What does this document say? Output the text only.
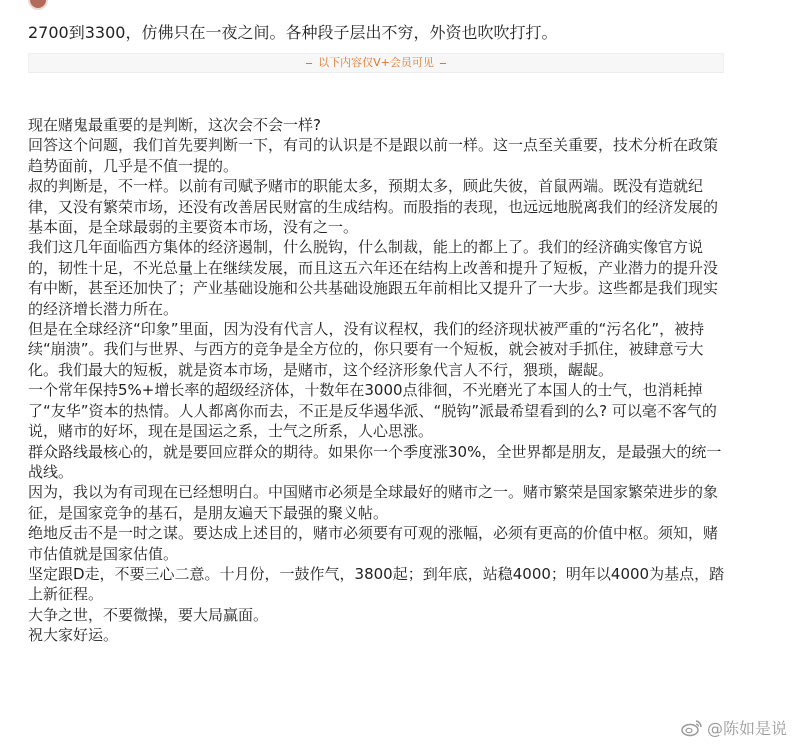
2700到3300，仿佛只在一夜之间。各种段子层出不穷，外资也吹吹打打。
以下内容仅V+会员可见

现在赌鬼最重要的是判断，这次会不会一样?

回答这个问题，我们首先要判断一下，有司的认识是不是跟以前一样。这一点至关重要，技术分析在政策趋势面前，几乎是不值一提的。

叔的判断是，不一样。以前有司赋予赌市的职能太多，预期太多，顾此失彼，首鼠两端。既没有造就纪律，又没有繁荣市场，还没有改善居民财富的生成结构。而股指的表现，也远远地脱离我们的经济发展的基本面，是全球最弱的主要资本市场，没有之一。

我们这几年面临西方集体的经济遏制，什么脱钩，什么制裁，能上的都上了。我们的经济确实像官方说的，韧性十足，不光总量上在继续发展，而且这五六年还在结构上改善和提升了短板，产业潜力的提升没有中断，甚至还加快了；产业基础设施和公共基础设施跟五年前相比又提升了一大步。这些都是我们现实的经济增长潜力所在。

但是在全球经济“印象”里面，因为没有代言人，没有议程权，我们的经济现状被严重的“污名化”，被持续“崩溃”。我们与世界、与西方的竞争是全方位的，你只要有一个短板，就会被对手抓住，被肆意亏大化。我们最大的短板，就是资本市场，是赌市，这个经济形象代言人不行，猥琐，龌龊。

一个常年保持5%+增长率的超级经济体，十数年在3000点徘徊，不光磨光了本国人的士气，也消耗掉了“友华”资本的热情。人人都离你而去，不正是反华遏华派、“脱钩”派最希望看到的么? 可以毫不客气的说，赌市的好坏，现在是国运之系，士气之所系，人心思涨。

群众路线最核心的，就是要回应群众的期待。如果你一个季度涨30%，全世界都是朋友，是最强大的统一战线。

因为，我以为有司现在已经想明白。中国赌市必须是全球最好的赌市之一。赌市繁荣是国家繁荣进步的象征，是国家竞争的基石，是朋友遍天下最强的聚义帖。

绝地反击不是一时之谋。要达成上述目的，赌市必须要有可观的涨幅，必须有更高的价值中枢。须知，赌市估值就是国家估值。

坚定跟D走，不要三心二意。十月份，一鼓作气，3800起；到年底，站稳4000；明年以4000为基点，踏上新征程。

大争之世，不要微操，要大局赢面。

祝大家好运。

@陈如是说
